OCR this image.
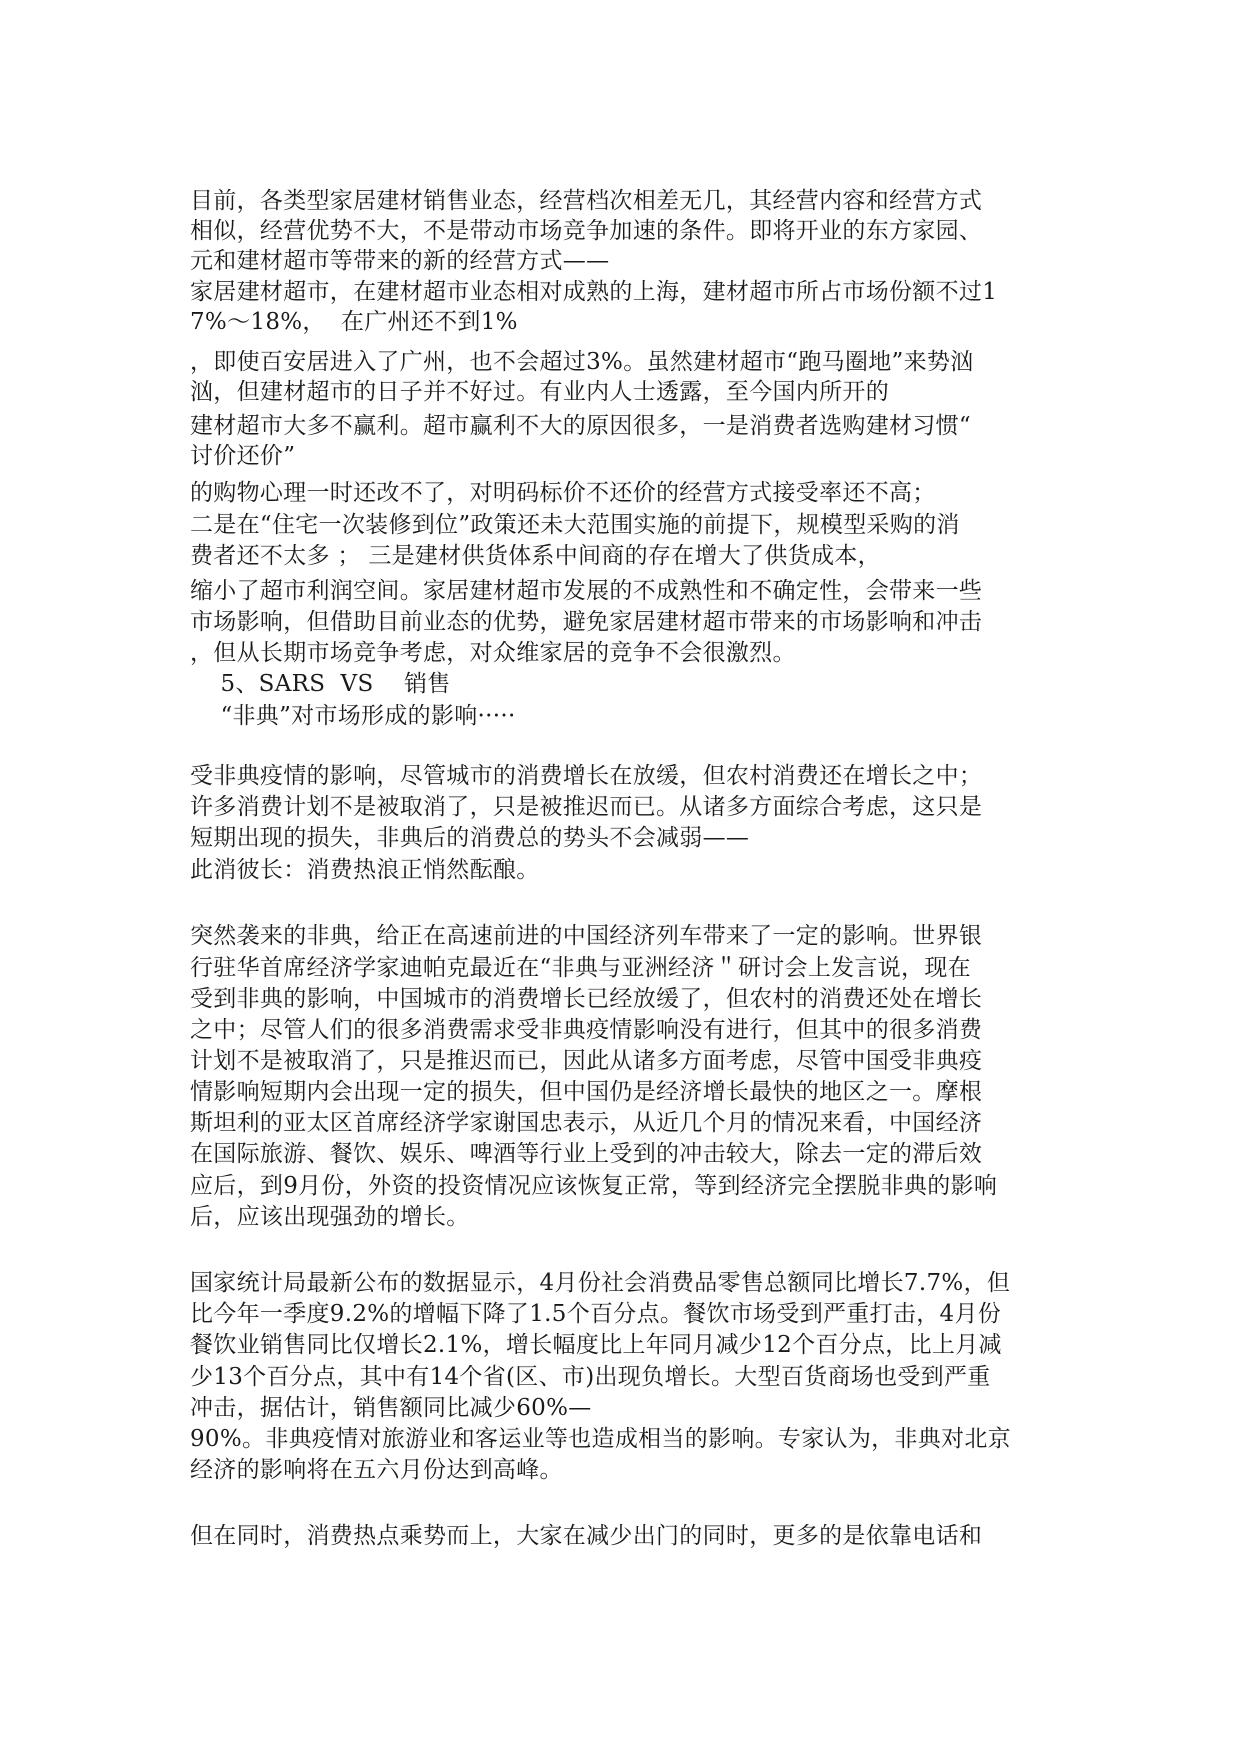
目前，各类型家居建材销售业态，经营档次相差无几，其经营内容和经营方式

相似，经营优势不大，不是带动市场竞争加速的条件。即将开业的东方家园、

元和建材超市等带来的新的经营方式——

家居建材超市，在建材超市业态相对成熟的上海，建材超市所占市场份额不过1

7%～18%，  在广州还不到1%

，即使百安居进入了广州，也不会超过3%。虽然建材超市“跑马圈地”来势汹

汹，但建材超市的日子并不好过。有业内人士透露，至今国内所开的

建材超市大多不赢利。超市赢利不大的原因很多，一是消费者选购建材习惯“

讨价还价”

的购物心理一时还改不了，对明码标价不还价的经营方式接受率还不高；

二是在“住宅一次装修到位”政策还未大范围实施的前提下，规模型采购的消

费者还不太多 ； 三是建材供货体系中间商的存在增大了供货成本，

缩小了超市利润空间。家居建材超市发展的不成熟性和不确定性，会带来一些

市场影响，但借助目前业态的优势，避免家居建材超市带来的市场影响和冲击

，但从长期市场竞争考虑，对众维家居的竞争不会很激烈。

5、SARS  VS    销售

“非典”对市场形成的影响·····

受非典疫情的影响，尽管城市的消费增长在放缓，但农村消费还在增长之中；

许多消费计划不是被取消了，只是被推迟而已。从诸多方面综合考虑，这只是

短期出现的损失，非典后的消费总的势头不会减弱——

此消彼长：消费热浪正悄然酝酿。

突然袭来的非典，给正在高速前进的中国经济列车带来了一定的影响。世界银

行驻华首席经济学家迪帕克最近在“非典与亚洲经济＂研讨会上发言说，现在

受到非典的影响，中国城市的消费增长已经放缓了，但农村的消费还处在增长

之中；尽管人们的很多消费需求受非典疫情影响没有进行，但其中的很多消费

计划不是被取消了，只是推迟而已，因此从诸多方面考虑，尽管中国受非典疫

情影响短期内会出现一定的损失，但中国仍是经济增长最快的地区之一。摩根

斯坦利的亚太区首席经济学家谢国忠表示，从近几个月的情况来看，中国经济

在国际旅游、餐饮、娱乐、啤酒等行业上受到的冲击较大，除去一定的滞后效

应后，到9月份，外资的投资情况应该恢复正常，等到经济完全摆脱非典的影响

后，应该出现强劲的增长。

国家统计局最新公布的数据显示，4月份社会消费品零售总额同比增长7.7%，但

比今年一季度9.2%的增幅下降了1.5个百分点。餐饮市场受到严重打击，4月份

餐饮业销售同比仅增长2.1%，增长幅度比上年同月减少12个百分点，比上月减

少13个百分点，其中有14个省(区、市)出现负增长。大型百货商场也受到严重

冲击，据估计，销售额同比减少60%—

90%。非典疫情对旅游业和客运业等也造成相当的影响。专家认为，非典对北京

经济的影响将在五六月份达到高峰。

但在同时，消费热点乘势而上，大家在减少出门的同时，更多的是依靠电话和
